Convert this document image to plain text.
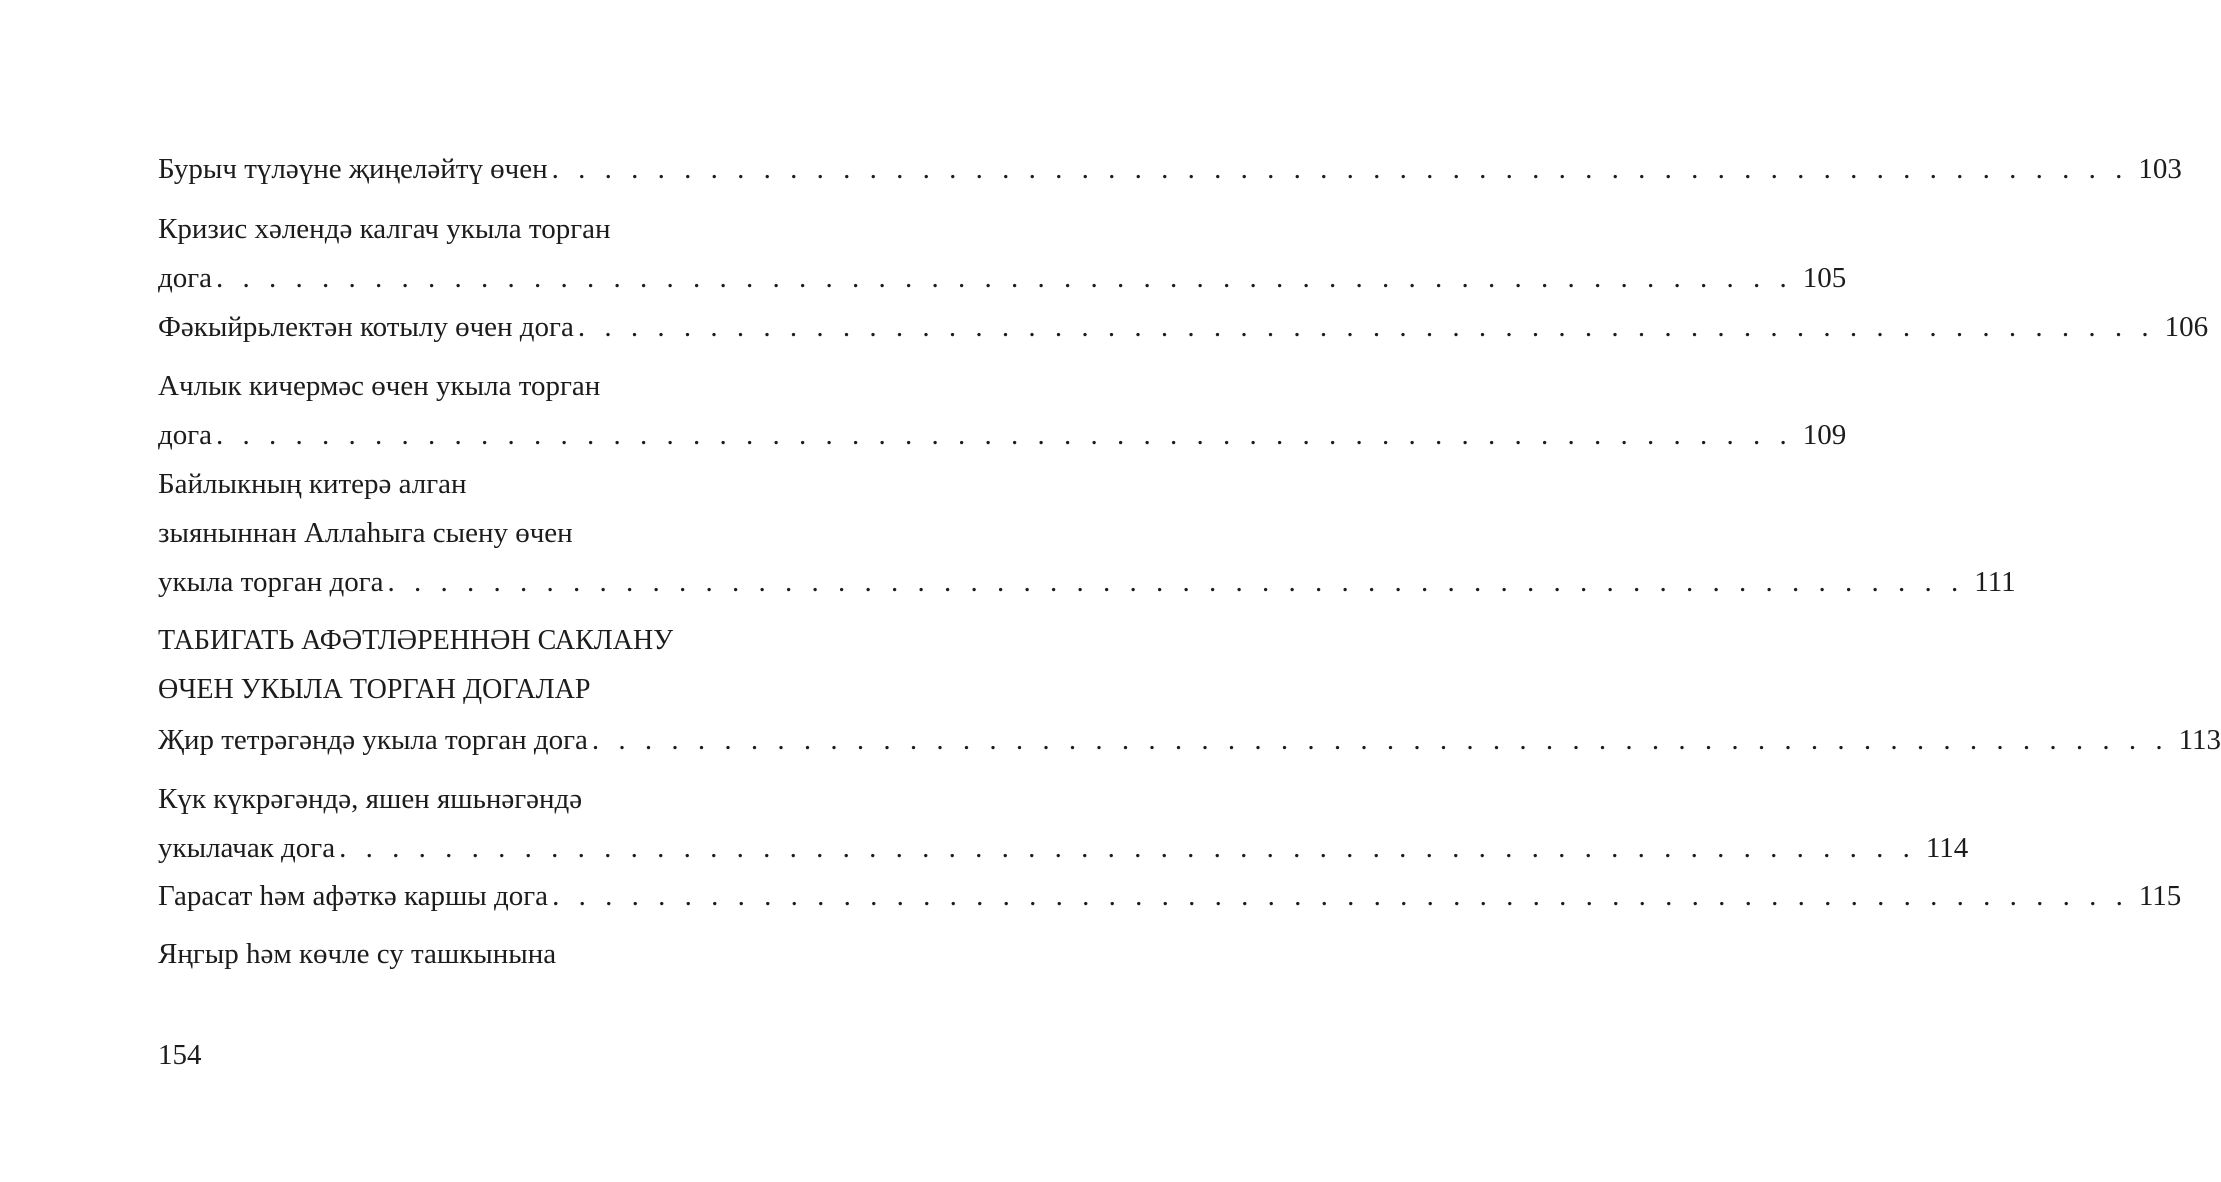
Бурыч түләүне җиңеләйтү өчен . . . . . . . . . . . . . . . . . . . . . . . . . . . . . . . . . . . . . . . . . . . . . . . . . . . . . . . . . . . . 103
Кризис хәлендә калгач укыла торган
дога . . . . . . . . . . . . . . . . . . . . . . . . . . . . . . . . . . . . . . . . . . . . . . . . . . . . . . . . . . . . 105
Фәкыйрьлектән котылу өчен дога . . . . . . . . . . . . . . . . . . . . . . . . . . . . . . . . . . . . . . . . . . . . . . . . . . . . . . . . . . . . 106
Ачлык кичермәс өчен укыла торган
дога . . . . . . . . . . . . . . . . . . . . . . . . . . . . . . . . . . . . . . . . . . . . . . . . . . . . . . . . . . . . 109
Байлыкның китерә алган
зыяныннан Аллаһыга сыену өчен
укыла торган дога . . . . . . . . . . . . . . . . . . . . . . . . . . . . . . . . . . . . . . . . . . . . . . . . . . . . . . . . . . . . 111
ТАБИГАТЬ АФӘТЛӘРЕННӘН САКЛАНУ
ӨЧЕН УКЫЛА ТОРГАН ДОГАЛАР
Җир тетрәгәндә укыла торган дога . . . . . . . . . . . . . . . . . . . . . . . . . . . . . . . . . . . . . . . . . . . . . . . . . . . . . . . . . . . . 113
Күк күкрәгәндә, яшен яшьнәгәндә
укылачак дога . . . . . . . . . . . . . . . . . . . . . . . . . . . . . . . . . . . . . . . . . . . . . . . . . . . . . . . . . . . . 114
Гарасат һәм афәткә каршы дога . . . . . . . . . . . . . . . . . . . . . . . . . . . . . . . . . . . . . . . . . . . . . . . . . . . . . . . . . . . . 115
Яңгыр һәм көчле су ташкынына
154
